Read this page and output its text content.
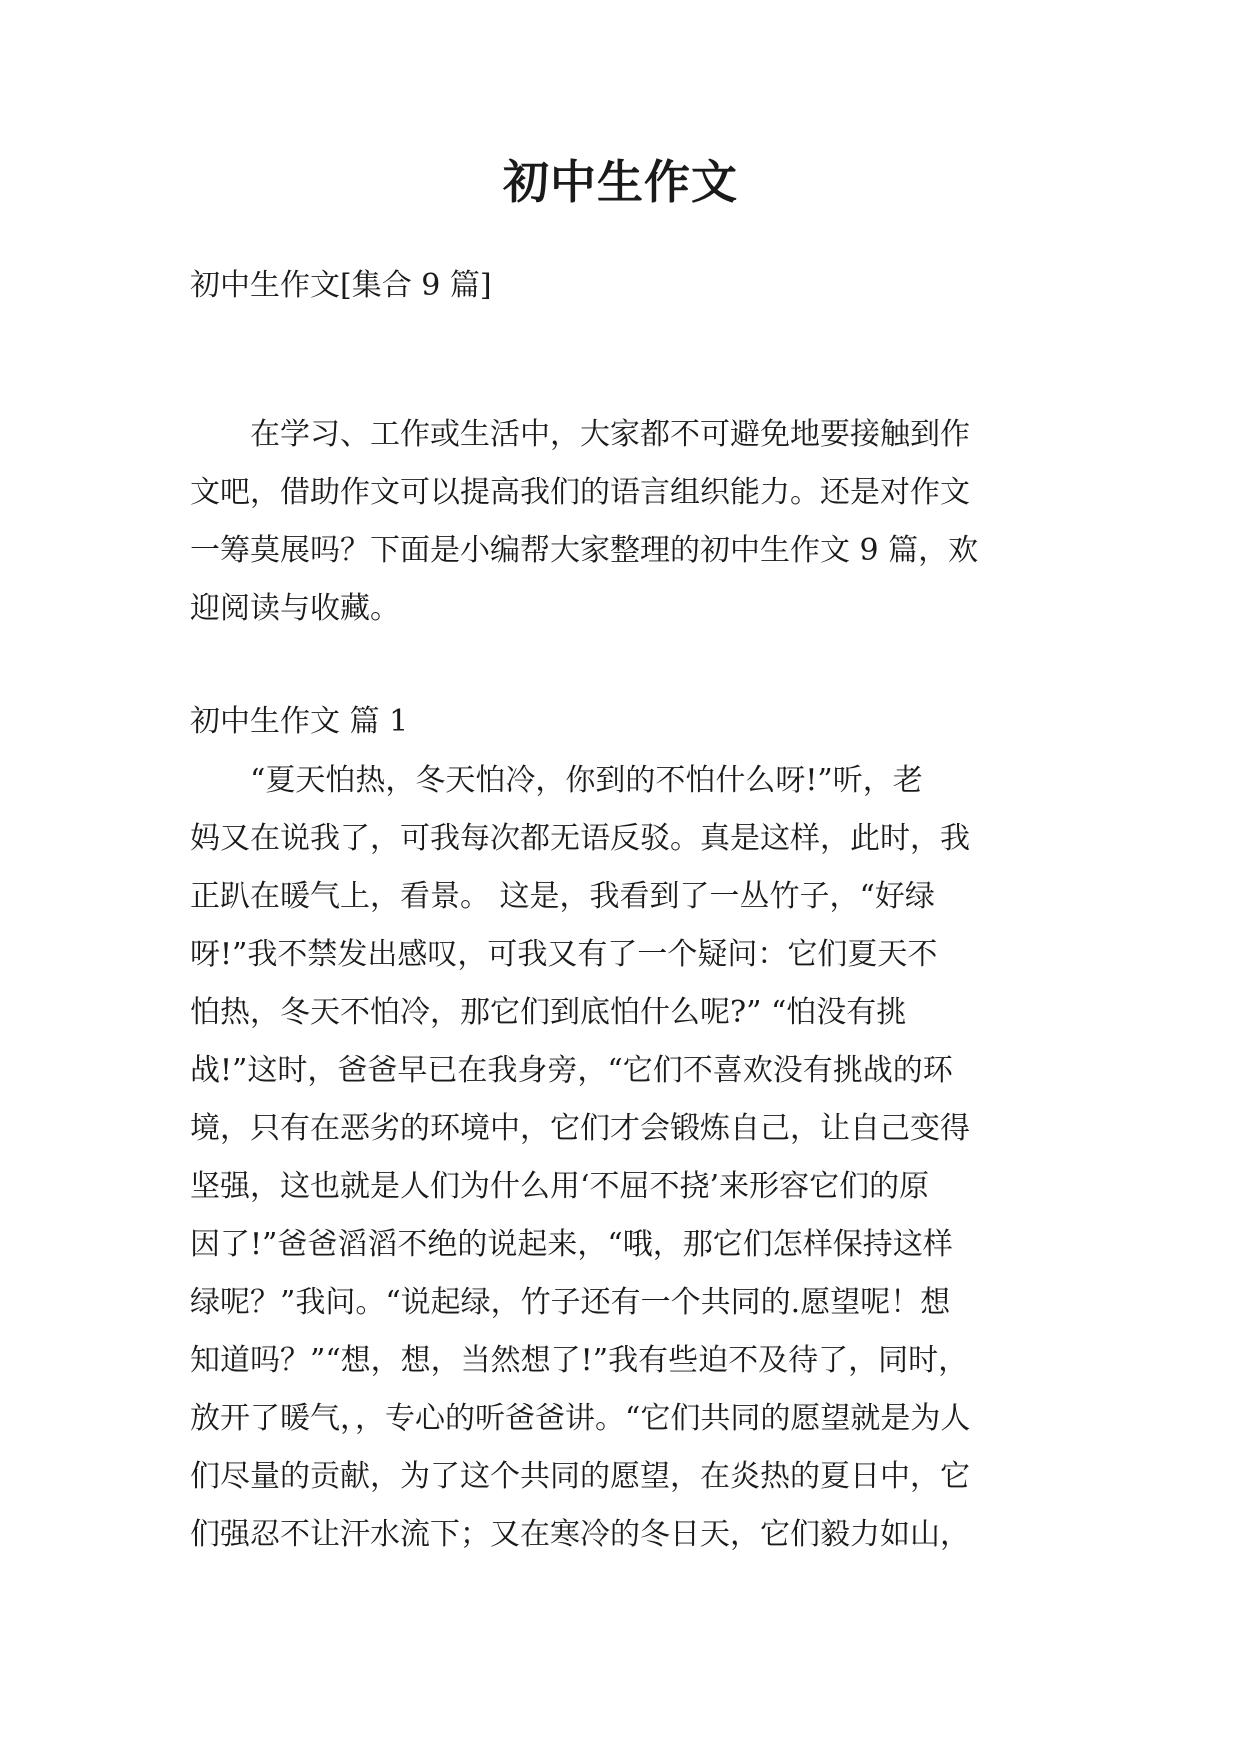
初中生作文
初中生作文[集合 9 篇]
　　在学习、工作或生活中，大家都不可避免地要接触到作
文吧，借助作文可以提高我们的语言组织能力。还是对作文
一筹莫展吗？下面是小编帮大家整理的初中生作文 9 篇，欢
迎阅读与收藏。
初中生作文 篇 1
　　“夏天怕热，冬天怕冷，你到的不怕什么呀!”听，老
妈又在说我了，可我每次都无语反驳。真是这样，此时，我
正趴在暖气上，看景。 这是，我看到了一丛竹子，“好绿
呀!”我不禁发出感叹，可我又有了一个疑问：它们夏天不
怕热，冬天不怕冷，那它们到底怕什么呢?” “怕没有挑
战!”这时，爸爸早已在我身旁，“它们不喜欢没有挑战的环
境，只有在恶劣的环境中，它们才会锻炼自己，让自己变得
坚强，这也就是人们为什么用‘不屈不挠’来形容它们的原
因了!”爸爸滔滔不绝的说起来，“哦，那它们怎样保持这样
绿呢？”我问。“说起绿，竹子还有一个共同的.愿望呢！想
知道吗？”“想，想，当然想了!”我有些迫不及待了，同时，
放开了暖气，，专心的听爸爸讲。“它们共同的愿望就是为人
们尽量的贡献，为了这个共同的愿望，在炎热的夏日中，它
们强忍不让汗水流下；又在寒冷的冬日天，它们毅力如山，
